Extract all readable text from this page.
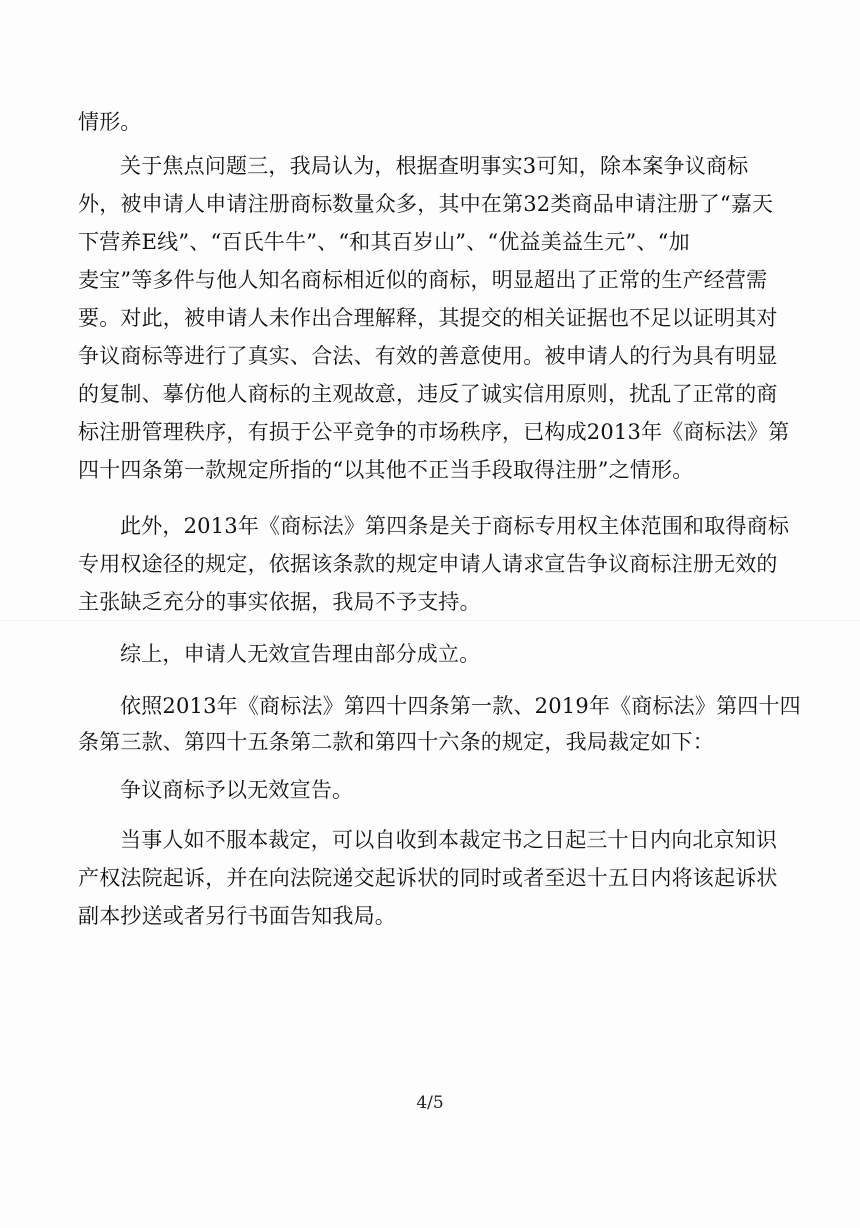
情形。
关于焦点问题三，我局认为，根据查明事实3可知，除本案争议商标
外，被申请人申请注册商标数量众多，其中在第32类商品申请注册了“嘉天
下营养E线”、“百氏牛牛”、“和其百岁山”、“优益美益生元”、“加
麦宝”等多件与他人知名商标相近似的商标，明显超出了正常的生产经营需
要。对此，被申请人未作出合理解释，其提交的相关证据也不足以证明其对
争议商标等进行了真实、合法、有效的善意使用。被申请人的行为具有明显
的复制、摹仿他人商标的主观故意，违反了诚实信用原则，扰乱了正常的商
标注册管理秩序，有损于公平竞争的市场秩序，已构成2013年《商标法》第
四十四条第一款规定所指的“以其他不正当手段取得注册”之情形。
此外，2013年《商标法》第四条是关于商标专用权主体范围和取得商标
专用权途径的规定，依据该条款的规定申请人请求宣告争议商标注册无效的
主张缺乏充分的事实依据，我局不予支持。
综上，申请人无效宣告理由部分成立。
依照2013年《商标法》第四十四条第一款、2019年《商标法》第四十四
条第三款、第四十五条第二款和第四十六条的规定，我局裁定如下：
争议商标予以无效宣告。
当事人如不服本裁定，可以自收到本裁定书之日起三十日内向北京知识
产权法院起诉，并在向法院递交起诉状的同时或者至迟十五日内将该起诉状
副本抄送或者另行书面告知我局。
4/5
